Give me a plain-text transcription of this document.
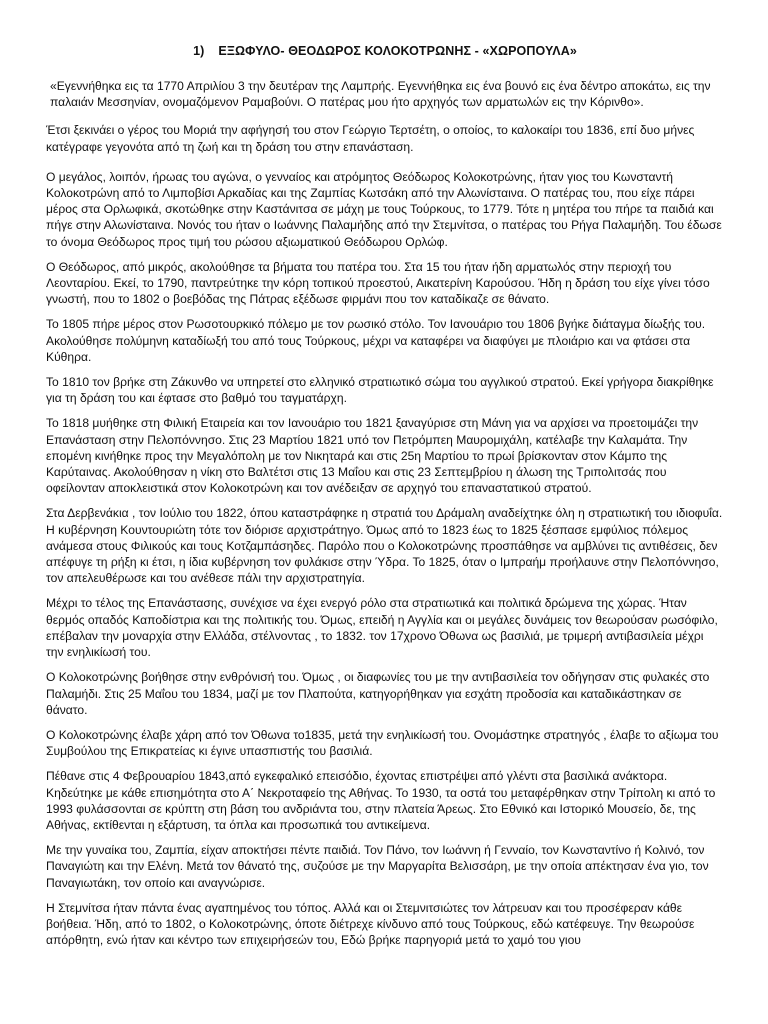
1) ΕΞΩΦΥΛΟ- ΘΕΟΔΩΡΟΣ ΚΟΛΟΚΟΤΡΩΝΗΣ - «ΧΩΡΟΠΟΥΛΑ»

«Εγεννήθηκα εις τα 1770 Απριλίου 3 την δευτέραν της Λαμπρής. Εγεννήθηκα εις ένα βουνό εις ένα δέντρο αποκάτω, εις την παλαιάν Μεσσηνίαν, ονομαζόμενον Ραμαβούνι. Ο πατέρας μου ήτο αρχηγός των αρματωλών εις την Κόρινθο».

Έτσι ξεκινάει ο γέρος του Μοριά την αφήγησή του στον Γεώργιο Τερτσέτη, ο οποίος, το καλοκαίρι του 1836, επί δυο μήνες κατέγραφε γεγονότα από τη ζωή και τη δράση του στην επανάσταση.

Ο μεγάλος, λοιπόν, ήρωας του αγώνα, ο γενναίος και ατρόμητος Θεόδωρος Κολοκοτρώνης, ήταν γιος του Κωνσταντή Κολοκοτρώνη από το Λιμποβίσι Αρκαδίας και της Ζαμπίας Κωτσάκη από την Αλωνίσταινα. Ο πατέρας του, που είχε πάρει μέρος στα Ορλωφικά, σκοτώθηκε στην Καστάνιτσα σε μάχη με τους Τούρκους, το 1779. Τότε η μητέρα του πήρε τα παιδιά και πήγε στην Αλωνίσταινα. Νονός του ήταν ο Ιωάννης Παλαμήδης από την Στεμνίτσα, ο πατέρας του Ρήγα Παλαμήδη. Του έδωσε το όνομα Θεόδωρος προς τιμή του ρώσου αξιωματικού Θεόδωρου Ορλώφ.

Ο Θεόδωρος, από μικρός, ακολούθησε τα βήματα του πατέρα του. Στα 15 του ήταν ήδη αρματωλός στην περιοχή του Λεονταρίου. Εκεί, το 1790, παντρεύτηκε την κόρη τοπικού προεστού, Αικατερίνη Καρούσου. Ήδη η δράση του είχε γίνει τόσο γνωστή, που το 1802 ο βοεβόδας της Πάτρας εξέδωσε φιρμάνι που τον καταδίκαζε σε θάνατο.

Το 1805 πήρε μέρος στον Ρωσοτουρκικό πόλεμο με τον ρωσικό στόλο. Τον Ιανουάριο του 1806 βγήκε διάταγμα δίωξής του. Ακολούθησε πολύμηνη καταδίωξή του από τους Τούρκους, μέχρι να καταφέρει να διαφύγει με πλοιάριο και να φτάσει στα Κύθηρα.

Το 1810 τον βρήκε στη Ζάκυνθο να υπηρετεί στο ελληνικό στρατιωτικό σώμα του αγγλικού στρατού. Εκεί γρήγορα διακρίθηκε για τη δράση του και έφτασε στο βαθμό του ταγματάρχη.

Το 1818 μυήθηκε στη Φιλική Εταιρεία και τον Ιανουάριο του 1821 ξαναγύρισε στη Μάνη για να αρχίσει να προετοιμάζει την Επανάσταση στην Πελοπόννησο. Στις 23 Μαρτίου 1821 υπό τον Πετρόμπεη Μαυρομιχάλη, κατέλαβε την Καλαμάτα. Την επομένη κινήθηκε προς την Μεγαλόπολη με τον Νικηταρά και στις 25η Μαρτίου το πρωί βρίσκονταν στον Κάμπο της Καρύταινας. Ακολούθησαν η νίκη στο Βαλτέτσι στις 13 Μαΐου και στις 23 Σεπτεμβρίου η άλωση της Τριπολιτσάς που οφείλονταν αποκλειστικά στον Κολοκοτρώνη και τον ανέδειξαν σε αρχηγό του επαναστατικού στρατού.

Στα Δερβενάκια , τον Ιούλιο του 1822, όπου καταστράφηκε η στρατιά του Δράμαλη αναδείχτηκε όλη η στρατιωτική του ιδιοφυΐα. Η κυβέρνηση Κουντουριώτη τότε τον διόρισε αρχιστράτηγο. Όμως από το 1823 έως το 1825 ξέσπασε εμφύλιος πόλεμος ανάμεσα στους Φιλικούς και τους Κοτζαμπάσηδες. Παρόλο που ο Κολοκοτρώνης προσπάθησε να αμβλύνει τις αντιθέσεις, δεν απέφυγε τη ρήξη κι έτσι, η ίδια κυβέρνηση τον φυλάκισε στην Ύδρα. Το 1825, όταν ο Ιμπραήμ προήλαυνε στην Πελοπόννησο, τον απελευθέρωσε και του ανέθεσε πάλι την αρχιστρατηγία.

Μέχρι το τέλος της Επανάστασης, συνέχισε να έχει ενεργό ρόλο στα στρατιωτικά και πολιτικά δρώμενα της χώρας. Ήταν θερμός οπαδός Καποδίστρια και της πολιτικής του. Όμως, επειδή η Αγγλία και οι μεγάλες δυνάμεις τον θεωρούσαν ρωσόφιλο, επέβαλαν την μοναρχία στην Ελλάδα, στέλνοντας , το 1832. τον 17χρονο Όθωνα ως βασιλιά, με τριμερή αντιβασιλεία μέχρι την ενηλικίωσή του.

Ο Κολοκοτρώνης βοήθησε στην ενθρόνισή του. Όμως , οι διαφωνίες του με την αντιβασιλεία τον οδήγησαν στις φυλακές στο Παλαμήδι. Στις 25 Μαΐου του 1834, μαζί με τον Πλαπούτα, κατηγορήθηκαν για εσχάτη προδοσία και καταδικάστηκαν σε θάνατο.

Ο Κολοκοτρώνης έλαβε χάρη από τον Όθωνα το1835, μετά την ενηλικίωσή του. Ονομάστηκε στρατηγός , έλαβε το αξίωμα του Συμβούλου της Επικρατείας κι έγινε υπασπιστής του βασιλιά.

Πέθανε στις 4 Φεβρουαρίου 1843,από εγκεφαλικό επεισόδιο, έχοντας επιστρέψει από γλέντι στα βασιλικά ανάκτορα. Κηδεύτηκε με κάθε επισημότητα στο Α΄ Νεκροταφείο της Αθήνας. Το 1930, τα οστά του μεταφέρθηκαν στην Τρίπολη κι από το 1993 φυλάσσονται σε κρύπτη στη βάση του ανδριάντα του, στην πλατεία Άρεως. Στο Εθνικό και Ιστορικό Μουσείο, δε, της Αθήνας, εκτίθενται η εξάρτυση, τα όπλα και προσωπικά του αντικείμενα.

Με την γυναίκα του, Ζαμπία, είχαν αποκτήσει πέντε παιδιά. Τον Πάνο, τον Ιωάννη ή Γενναίο, τον Κωνσταντίνο ή Κολινό, τον Παναγιώτη και την Ελένη. Μετά τον θάνατό της, συζούσε με την Μαργαρίτα Βελισσάρη, με την οποία απέκτησαν ένα γιο, τον Παναγιωτάκη, τον οποίο και αναγνώρισε.

Η Στεμνίτσα ήταν πάντα ένας αγαπημένος του τόπος. Αλλά και οι Στεμνιτσιώτες τον λάτρευαν και του προσέφεραν κάθε βοήθεια. Ήδη, από το 1802, ο Κολοκοτρώνης, όποτε διέτρεχε κίνδυνο από τους Τούρκους, εδώ κατέφευγε. Την θεωρούσε απόρθητη, ενώ ήταν και κέντρο των επιχειρήσεών του, Εδώ βρήκε παρηγοριά μετά το χαμό του γιου
